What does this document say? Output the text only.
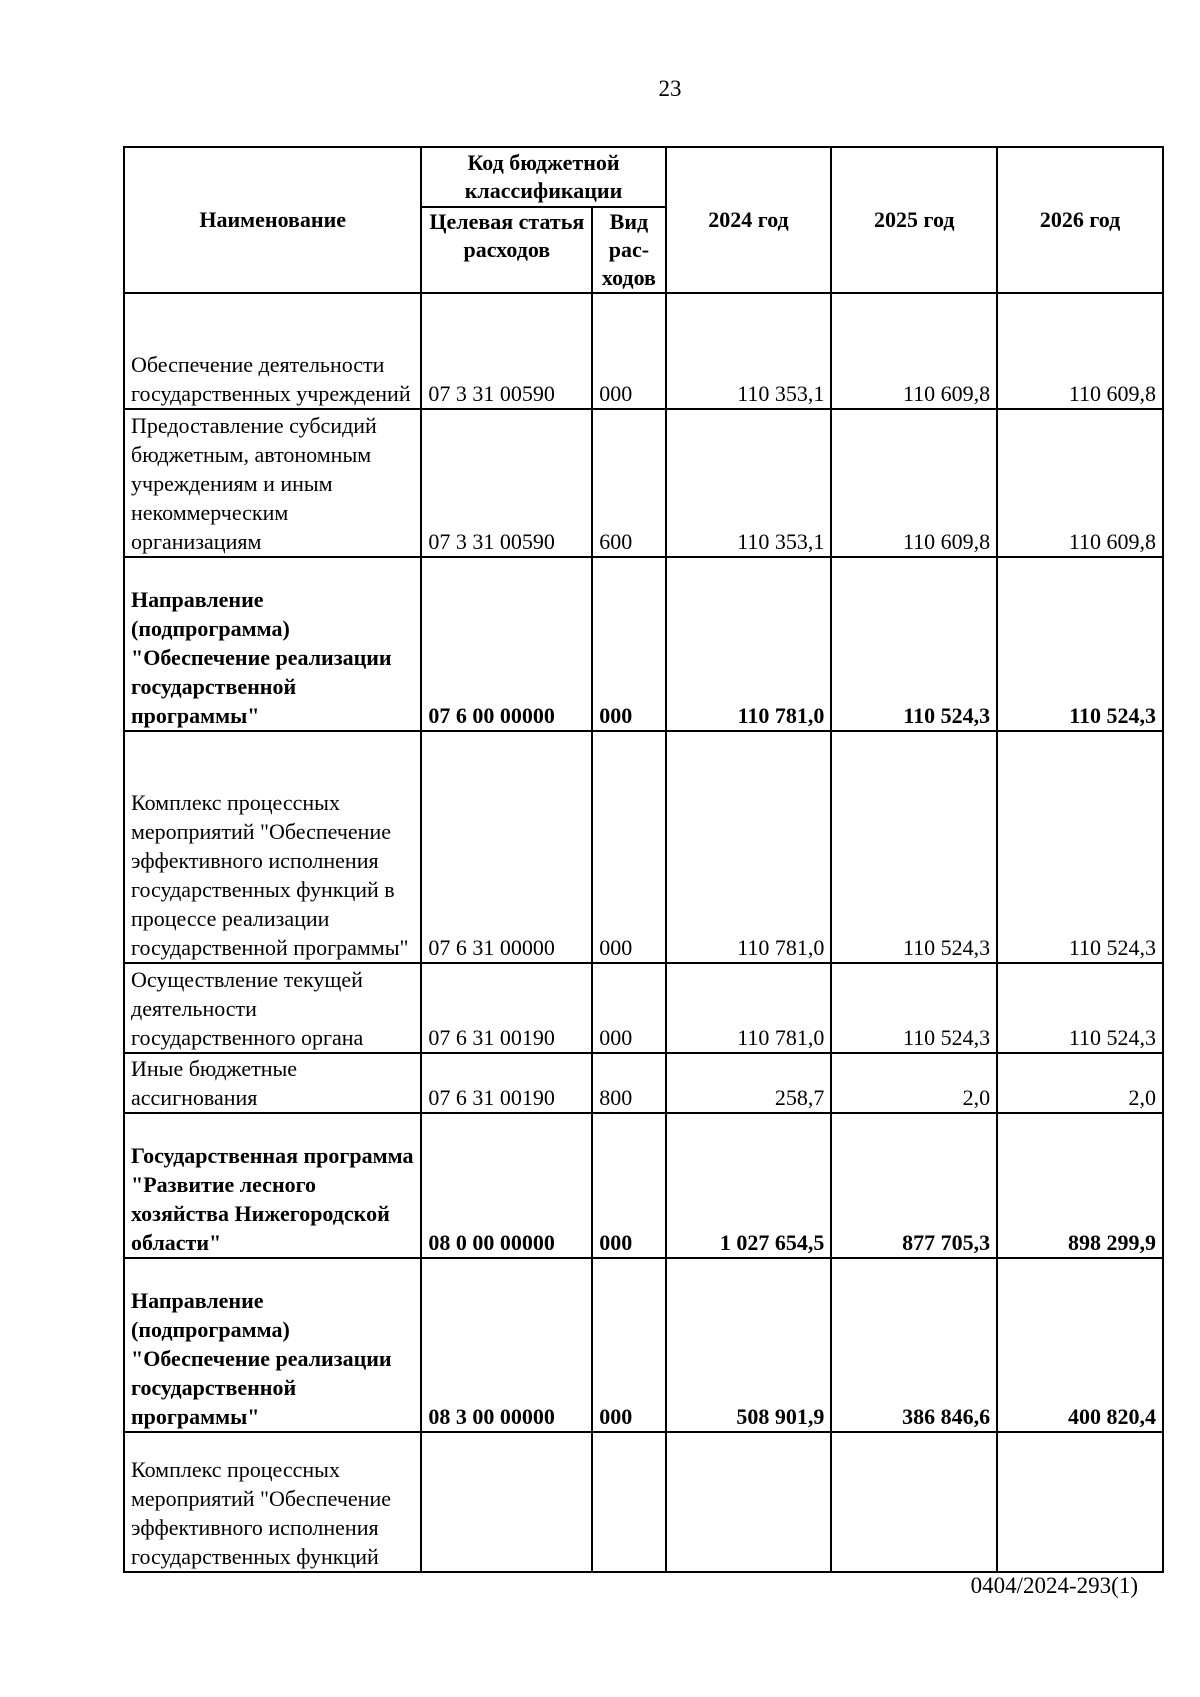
23
Наименование	Код бюджетной классификации		2024 год	2025 год	2026 год
	Целевая статья расходов	Вид рас-ходов			
Обеспечение деятельности государственных учреждений	07 3 31 00590	000	110 353,1	110 609,8	110 609,8
Предоставление субсидий бюджетным, автономным учреждениям и иным некоммерческим организациям	07 3 31 00590	600	110 353,1	110 609,8	110 609,8
Направление (подпрограмма) "Обеспечение реализации государственной программы"	07 6 00 00000	000	110 781,0	110 524,3	110 524,3
Комплекс процессных мероприятий "Обеспечение эффективного исполнения государственных функций в процессе реализации государственной программы"	07 6 31 00000	000	110 781,0	110 524,3	110 524,3
Осуществление текущей деятельности государственного органа	07 6 31 00190	000	110 781,0	110 524,3	110 524,3
Иные бюджетные ассигнования	07 6 31 00190	800	258,7	2,0	2,0
Государственная программа "Развитие лесного хозяйства Нижегородской области"	08 0 00 00000	000	1 027 654,5	877 705,3	898 299,9
Направление (подпрограмма) "Обеспечение реализации государственной программы"	08 3 00 00000	000	508 901,9	386 846,6	400 820,4
Комплекс процессных мероприятий "Обеспечение эффективного исполнения государственных функций					
0404/2024-293(1)
